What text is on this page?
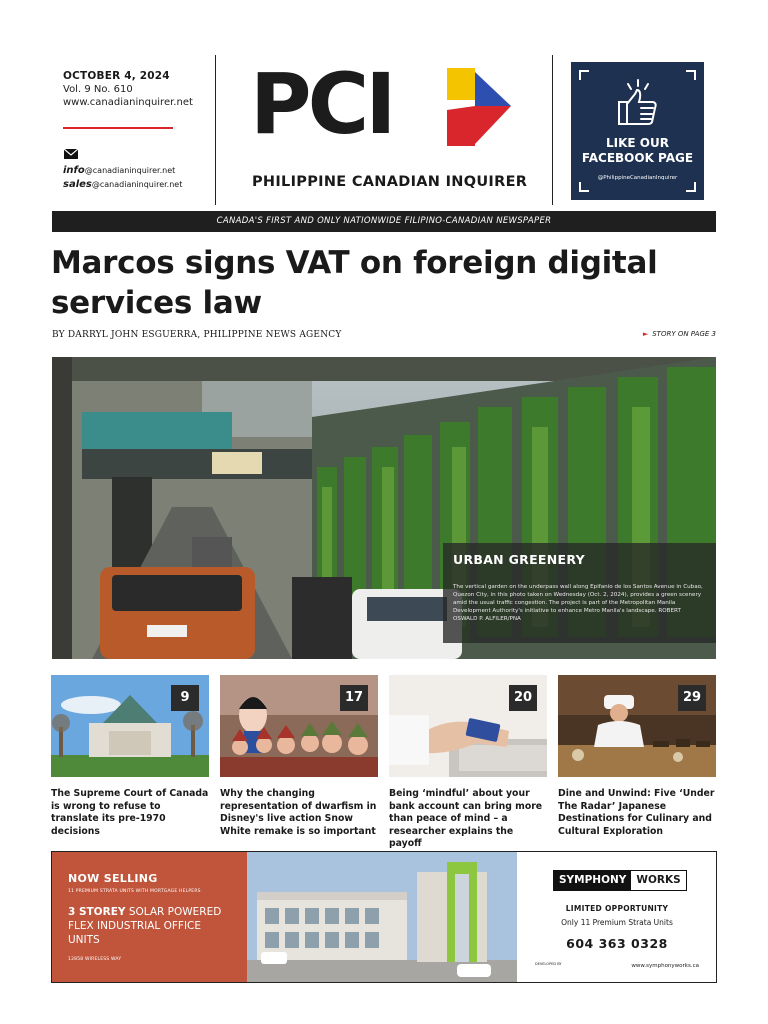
OCTOBER 4, 2024
Vol. 9 No. 610
www.canadianinquirer.net
info@canadianinquirer.net
sales@canadianinquirer.net
PCI
PHILIPPINE CANADIAN INQUIRER
LIKE OUR
FACEBOOK PAGE
@PhilippineCanadianInquirer
CANADA'S FIRST AND ONLY NATIONWIDE FILIPINO-CANADIAN NEWSPAPER
Marcos signs VAT on foreign digital services law
BY DARRYL JOHN ESGUERRA, PHILIPPINE NEWS AGENCY	► STORY ON PAGE 3
URBAN GREENERY
The vertical garden on the underpass wall along Epifanio de los Santos Avenue in Cubao, Quezon City, in this photo taken on Wednesday (Oct. 2, 2024), provides a green scenery amid the usual traffic congestion. The project is part of the Metropolitan Manila Development Authority's initiative to enhance Metro Manila's landscape. ROBERT OSWALD P. ALFILER/PNA
9
The Supreme Court of Canada is wrong to refuse to translate its pre-1970 decisions
17
Why the changing representation of dwarfism in Disney's live action Snow White remake is so important
20
Being ‘mindful’ about your bank account can bring more than peace of mind – a researcher explains the payoff
29
Dine and Unwind: Five ‘Under The Radar’ Japanese Destinations for Culinary and Cultural Exploration
NOW SELLING
11 PREMIUM STRATA UNITS WITH MORTGAGE HELPERS
3 STOREY SOLAR POWERED FLEX INDUSTRIAL OFFICE UNITS
12858 WIRELESS WAY
SYMPHONY WORKS
LIMITED OPPORTUNITY
Only 11 Premium Strata Units
604 363 0328
DEVELOPED BY	www.symphonyworks.ca
